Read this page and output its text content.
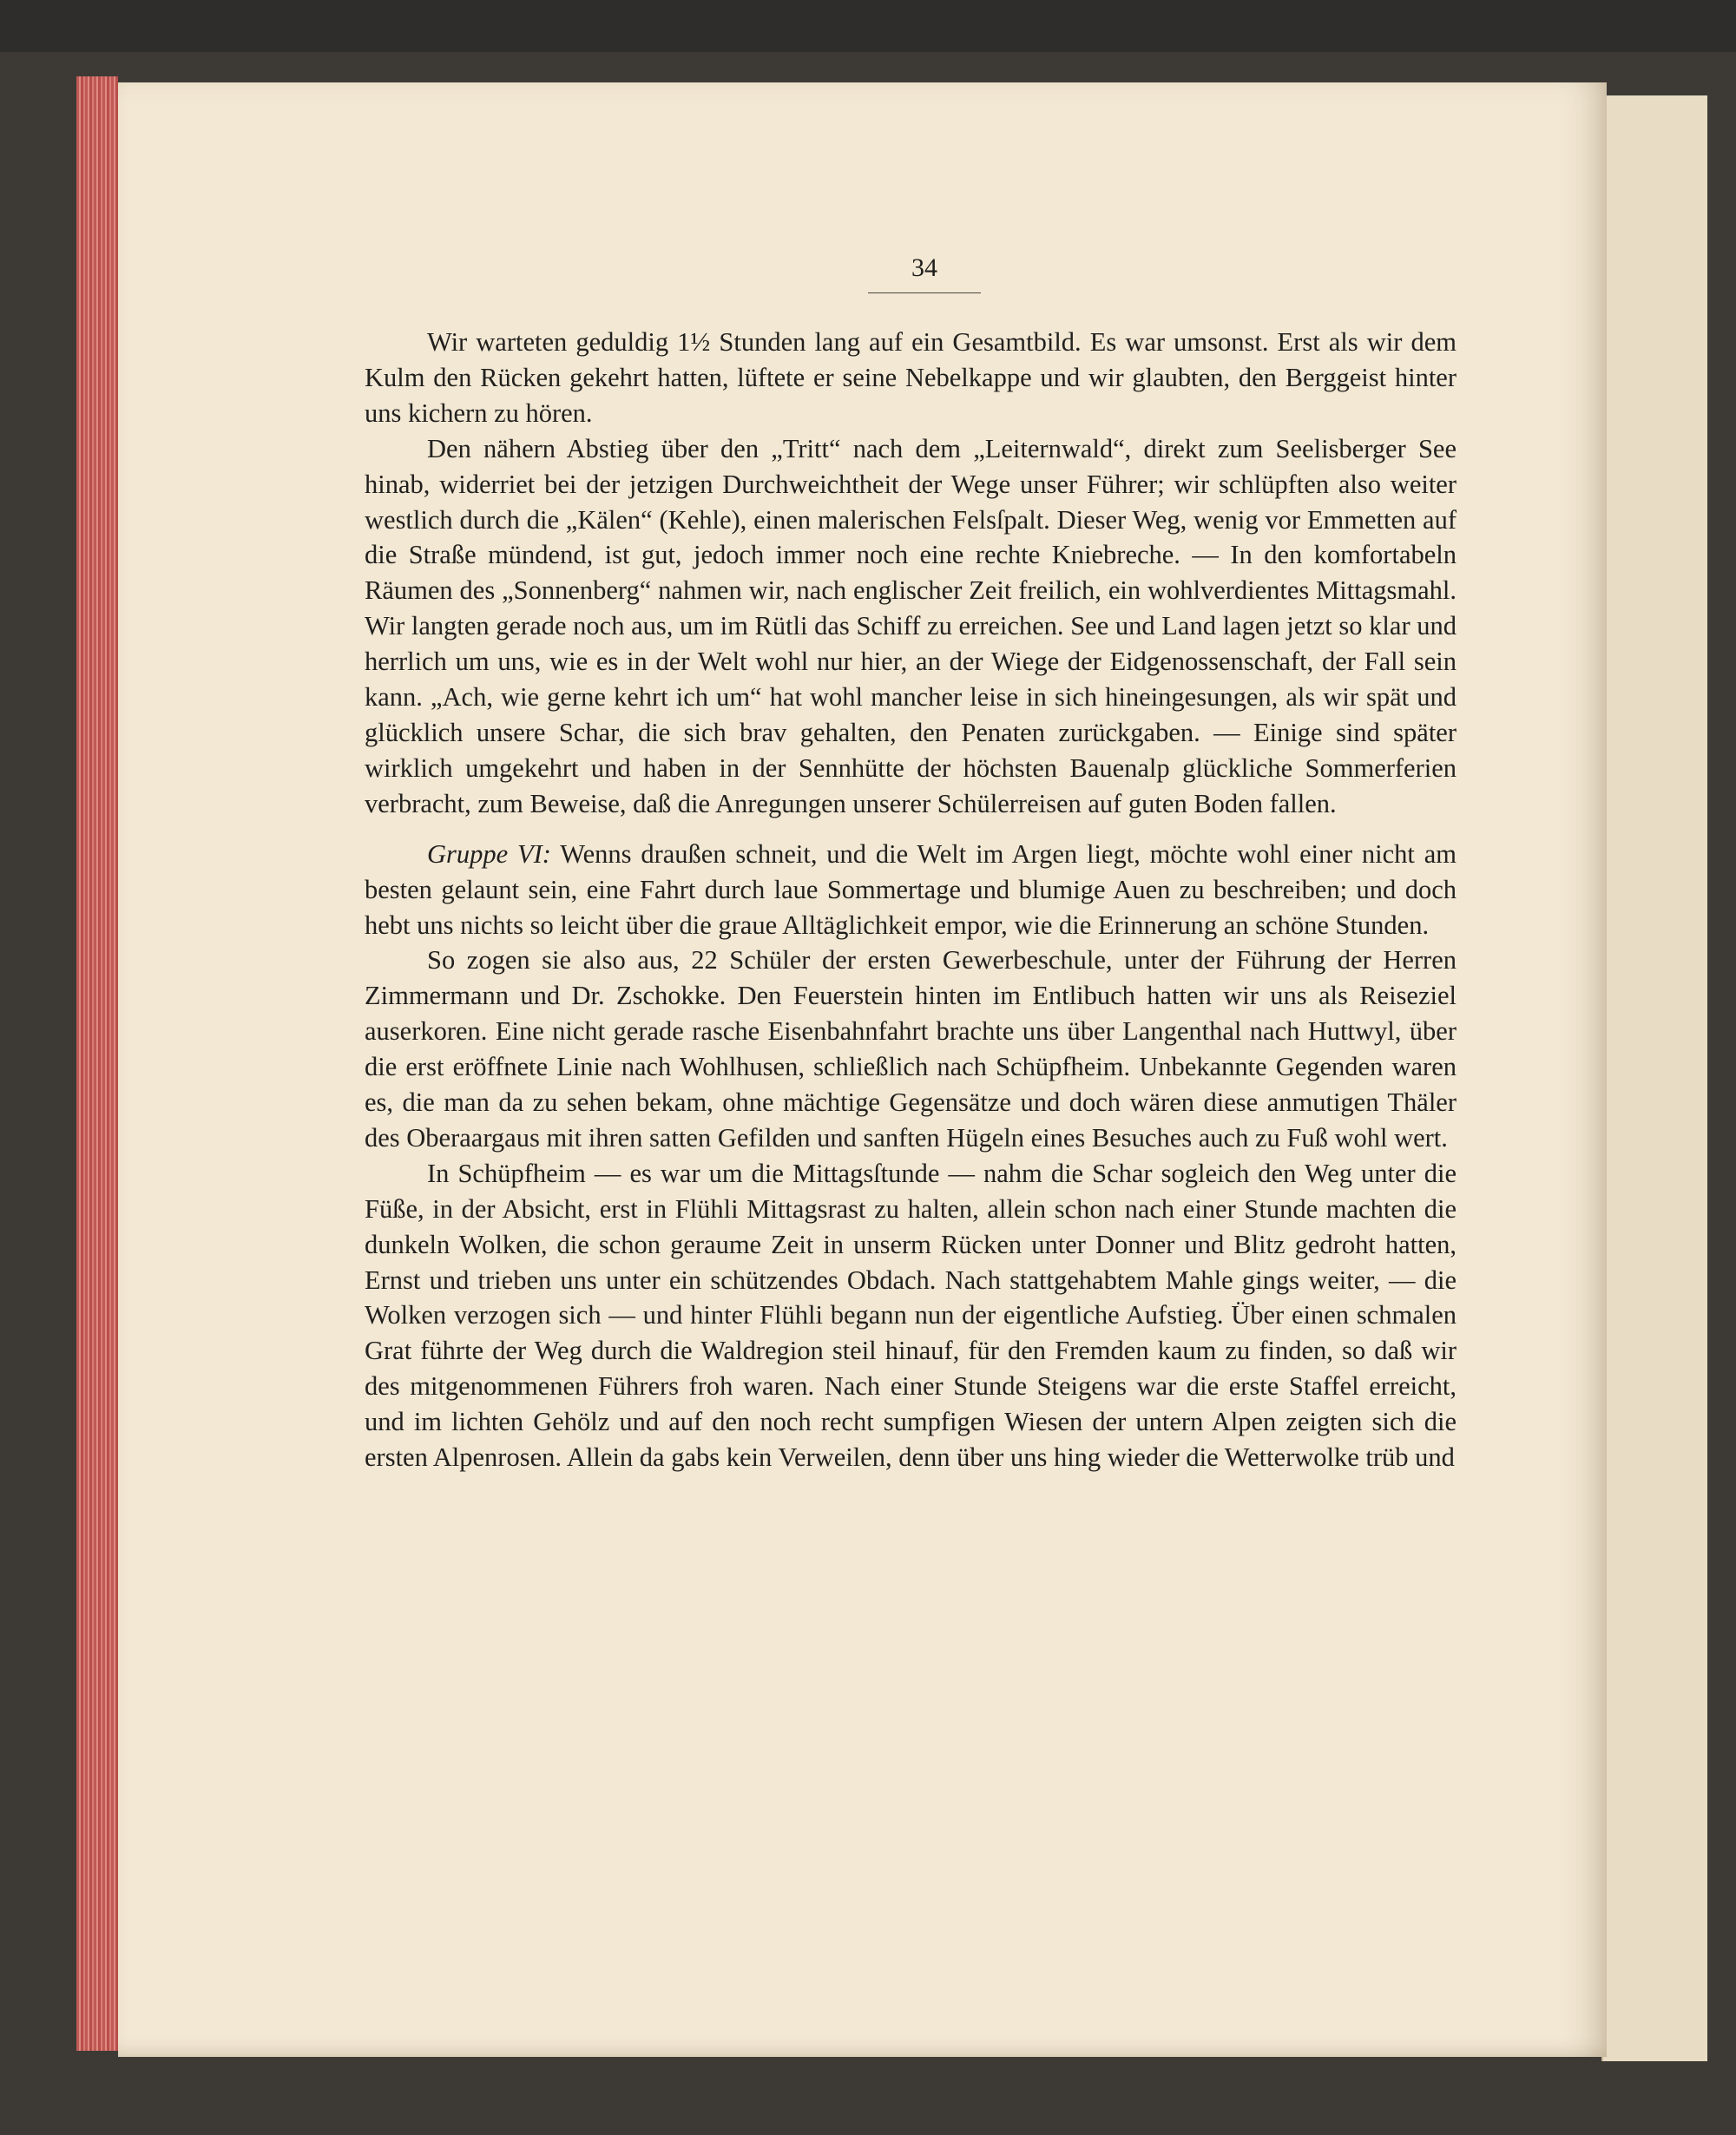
34

Wir warteten geduldig 1½ Stunden lang auf ein Gesamtbild. Es war umsonst. Erst als wir dem Kulm den Rücken gekehrt hatten, lüftete er seine Nebelkappe und wir glaubten, den Berggeist hinter uns kichern zu hören.

Den nähern Abstieg über den „Tritt“ nach dem „Leiternwald“, direkt zum Seelisberger See hinab, widerriet bei der jetzigen Durchweichtheit der Wege unser Führer; wir schlüpften also weiter westlich durch die „Kälen“ (Kehle), einen malerischen Felsſpalt. Dieser Weg, wenig vor Emmetten auf die Straße mündend, ist gut, jedoch immer noch eine rechte Kniebreche. — In den komfortabeln Räumen des „Sonnenberg“ nahmen wir, nach englischer Zeit freilich, ein wohlverdientes Mittagsmahl. Wir langten gerade noch aus, um im Rütli das Schiff zu erreichen. See und Land lagen jetzt so klar und herrlich um uns, wie es in der Welt wohl nur hier, an der Wiege der Eidgenossenschaft, der Fall sein kann. „Ach, wie gerne kehrt ich um“ hat wohl mancher leise in sich hineingesungen, als wir spät und glücklich unsere Schar, die sich brav gehalten, den Penaten zurückgaben. — Einige sind später wirklich umgekehrt und haben in der Sennhütte der höchsten Bauenalp glückliche Sommerferien verbracht, zum Beweise, daß die Anregungen unserer Schülerreisen auf guten Boden fallen.

Gruppe VI: Wenns draußen schneit, und die Welt im Argen liegt, möchte wohl einer nicht am besten gelaunt sein, eine Fahrt durch laue Sommertage und blumige Auen zu beschreiben; und doch hebt uns nichts so leicht über die graue Alltäglichkeit empor, wie die Erinnerung an schöne Stunden.

So zogen sie also aus, 22 Schüler der ersten Gewerbeschule, unter der Führung der Herren Zimmermann und Dr. Zschokke. Den Feuerstein hinten im Entlibuch hatten wir uns als Reiseziel auserkoren. Eine nicht gerade rasche Eisenbahnfahrt brachte uns über Langenthal nach Huttwyl, über die erst eröffnete Linie nach Wohlhusen, schließlich nach Schüpfheim. Unbekannte Gegenden waren es, die man da zu sehen bekam, ohne mächtige Gegensätze und doch wären diese anmutigen Thäler des Oberaargaus mit ihren satten Gefilden und sanften Hügeln eines Besuches auch zu Fuß wohl wert.

In Schüpfheim — es war um die Mittagsſtunde — nahm die Schar sogleich den Weg unter die Füße, in der Absicht, erst in Flühli Mittagsrast zu halten, allein schon nach einer Stunde machten die dunkeln Wolken, die schon geraume Zeit in unserm Rücken unter Donner und Blitz gedroht hatten, Ernst und trieben uns unter ein schützendes Obdach. Nach stattgehabtem Mahle gings weiter, — die Wolken verzogen sich — und hinter Flühli begann nun der eigentliche Aufstieg. Über einen schmalen Grat führte der Weg durch die Waldregion steil hinauf, für den Fremden kaum zu finden, so daß wir des mitgenommenen Führers froh waren. Nach einer Stunde Steigens war die erste Staffel erreicht, und im lichten Gehölz und auf den noch recht sumpfigen Wiesen der untern Alpen zeigten sich die ersten Alpenrosen. Allein da gabs kein Verweilen, denn über uns hing wieder die Wetterwolke trüb und
